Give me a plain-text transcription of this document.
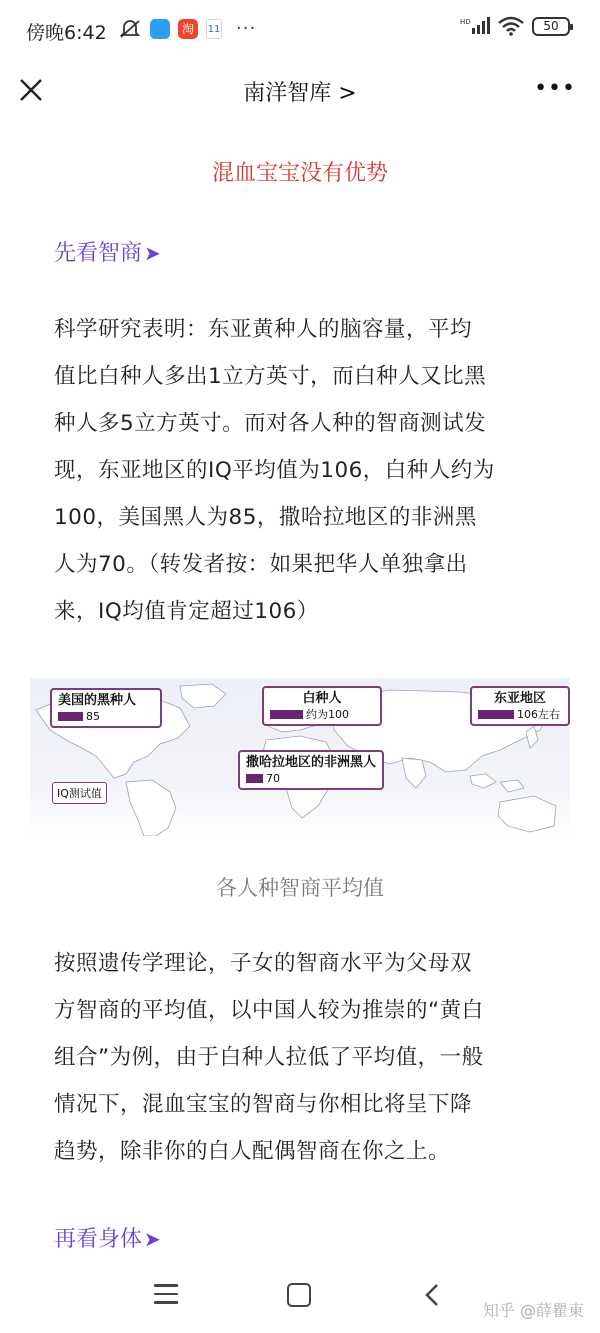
傍晚6:42	淘	11 ···	HD	50
南洋智库 >	•••
混血宝宝没有优势
先看智商 ➤
科学研究表明：东亚黄种人的脑容量，平均
值比白种人多出1立方英寸，而白种人又比黑
种人多5立方英寸。而对各人种的智商测试发
现，东亚地区的IQ平均值为106，白种人约为
100，美国黑人为85，撒哈拉地区的非洲黑
人为70。（转发者按：如果把华人单独拿出
来，IQ均值肯定超过106）
美国的黑种人
85
白种人
约为100
东亚地区
106左右
撒哈拉地区的非洲黑人
70
IQ测试值
各人种智商平均值
按照遗传学理论，子女的智商水平为父母双
方智商的平均值，以中国人较为推崇的“黄白
组合”为例，由于白种人拉低了平均值，一般
情况下，混血宝宝的智商与你相比将呈下降
趋势，除非你的白人配偶智商在你之上。
再看身体 ➤
知乎 @薛瞿東
